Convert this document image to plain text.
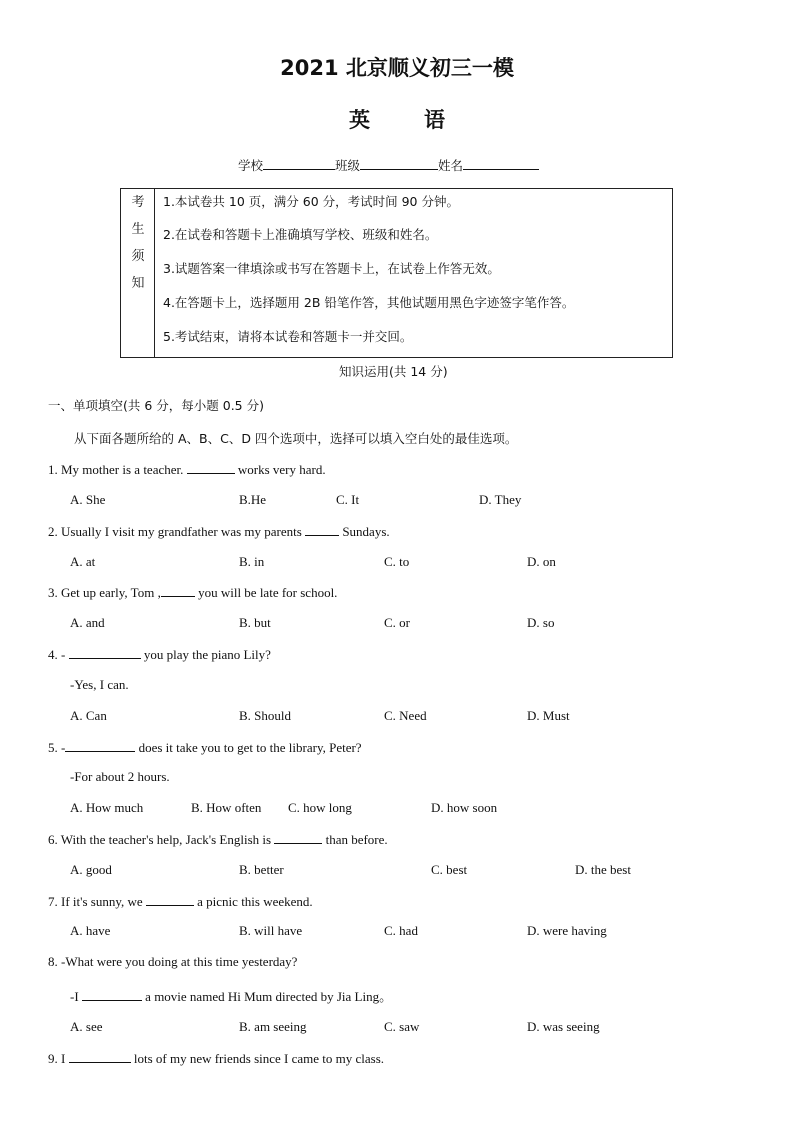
2021 北京顺义初三一模
英	语
学校	班级	姓名
考
生
须
知
1.本试卷共 10 页，满分 60 分，考试时间 90 分钟。
2.在试卷和答题卡上准确填写学校、班级和姓名。
3.试题答案一律填涂或书写在答题卡上，在试卷上作答无效。
4.在答题卡上，选择题用 2B 铅笔作答，其他试题用黑色字迹签字笔作答。
5.考试结束，请将本试卷和答题卡一并交回。
知识运用(共 14 分)
一、单项填空(共 6 分，每小题 0.5 分)
从下面各题所给的 A、B、C、D 四个选项中，选择可以填入空白处的最佳选项。
1. My mother is a teacher.	works very hard.
A. She	B.He	C. It	D. They
2. Usually I visit my grandfather was my parents	Sundays.
A. at	B. in	C. to	D. on
3. Get up early, Tom ,	you will be late for school.
A. and	B. but	C. or	D. so
4. -	you play the piano Lily?
-Yes, I can.
A. Can	B. Should	C. Need	D. Must
5. -	does it take you to get to the library, Peter?
-For about 2 hours.
A. How much	B. How often C. how long	D. how soon
6. With the teacher's help, Jack's English is	than before.
A. good	B. better	C. best	D. the best
7. If it's sunny, we	a picnic this weekend.
A. have	B. will have	C. had	D. were having
8. -What were you doing at this time yesterday?
-I	a movie named Hi Mum directed by Jia Ling。
A. see	B. am seeing	C. saw	D. was seeing
9. I	lots of my new friends since I came to my class.
